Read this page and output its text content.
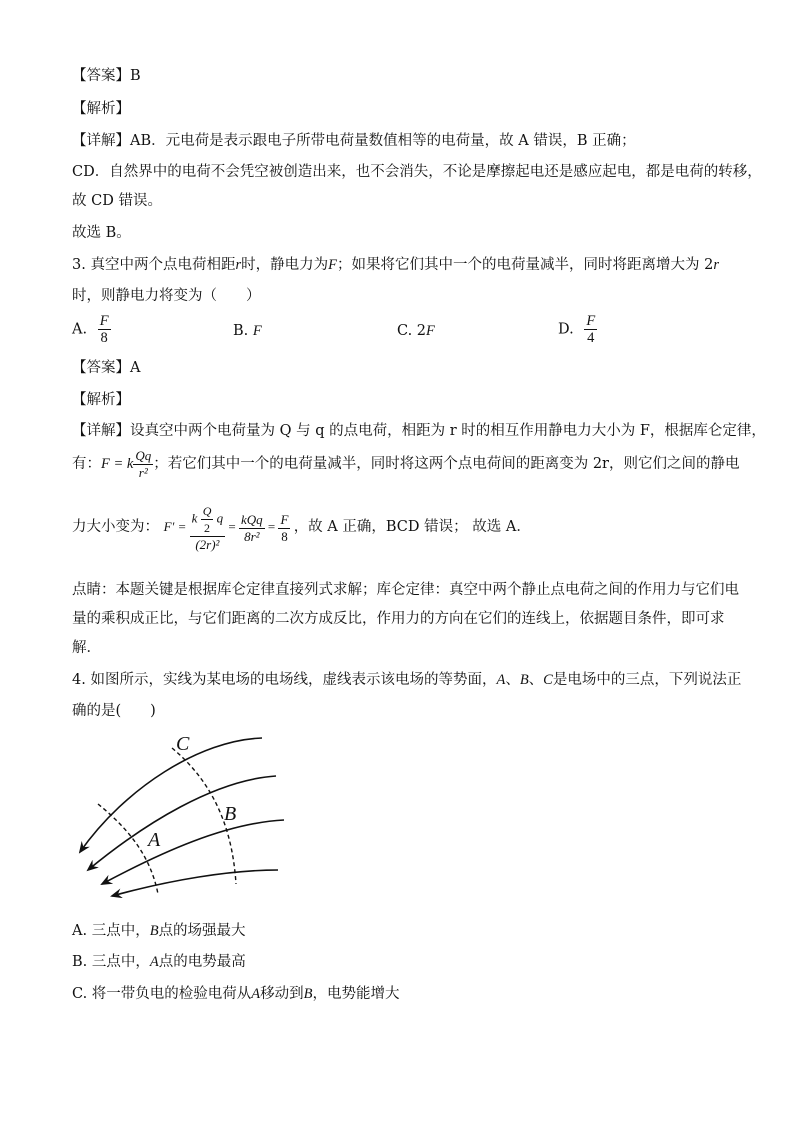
【答案】B
【解析】
【详解】AB．元电荷是表示跟电子所带电荷量数值相等的电荷量，故 A 错误，B 正确；
CD．自然界中的电荷不会凭空被创造出来，也不会消失，不论是摩擦起电还是感应起电，都是电荷的转移，
故 CD 错误。
故选 B。
3. 真空中两个点电荷相距r时，静电力为F；如果将它们其中一个的电荷量减半，同时将距离增大为 2r
时，则静电力将变为（　　）
A. $\frac{F}{8}$	B. F	C. 2F	D. $\frac{F}{4}$
【答案】A
【解析】
【详解】设真空中两个电荷量为 Q 与 q 的点电荷，相距为 r 时的相互作用静电力大小为 F，根据库仑定律，
有：F = k $\frac{Qq}{\text{r²}}$ ；若它们其中一个的电荷量减半，同时将这两个点电荷间的距离变为 2r，则它们之间的静电
力大小变为： $F' = \frac{k \frac{Q}{2} q}{\text{(2r)²}} = \frac{\text{kQq}}{\text{8r²}} = \frac{F}{8}$ ，故 A 正确，BCD 错误； 故选 A．
点睛：本题关键是根据库仑定律直接列式求解；库仑定律：真空中两个静止点电荷之间的作用力与它们电
量的乘积成正比，与它们距离的二次方成反比，作用力的方向在它们的连线上，依据题目条件，即可求
解．
4. 如图所示，实线为某电场的电场线，虚线表示该电场的等势面，A、B、C是电场中的三点，下列说法正
确的是(　　)
C
B
A
A. 三点中，B点的场强最大
B. 三点中，A点的电势最高
C. 将一带负电的检验电荷从A移动到B，电势能增大
